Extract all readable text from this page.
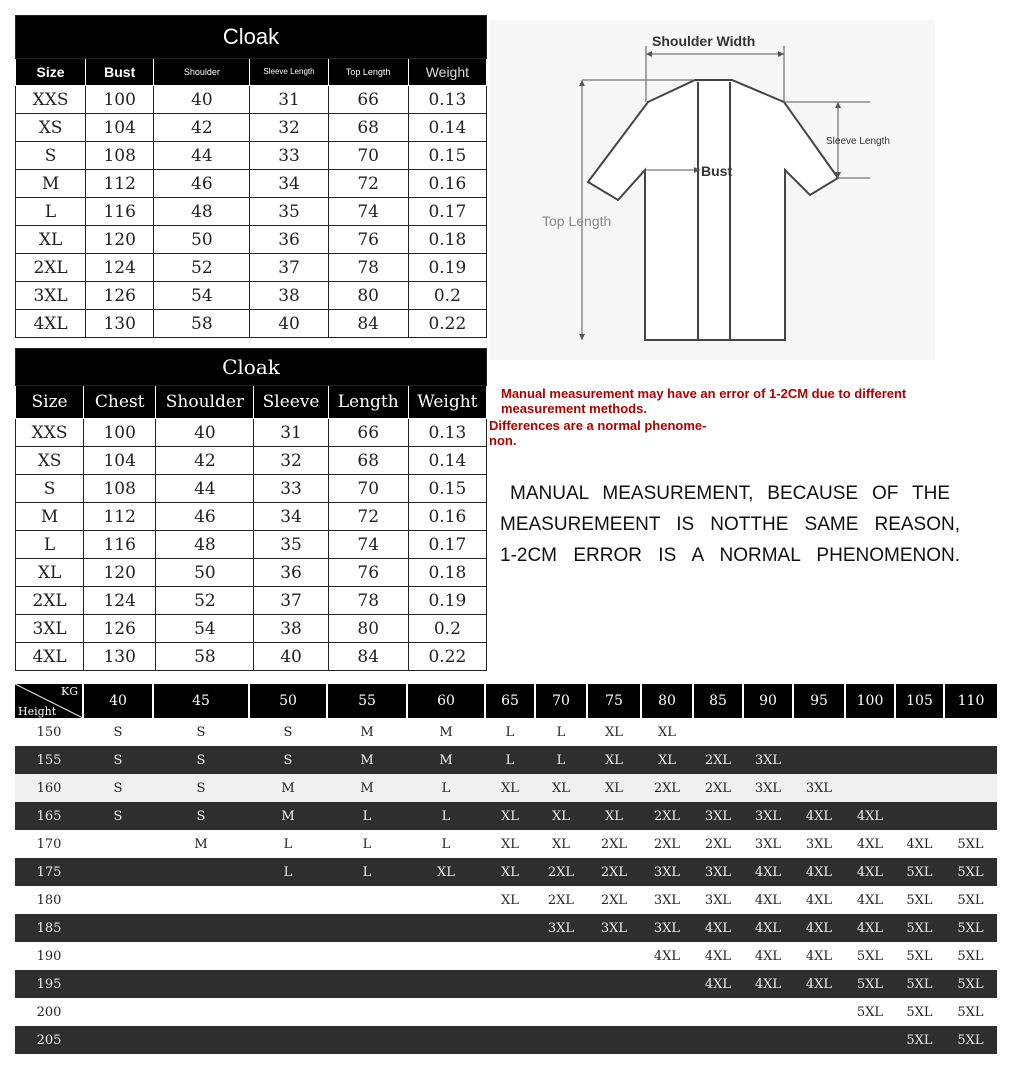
Cloak					
Size	Bust	Shoulder	Sleeve Length	Top Length	Weight
XXS	100	40	31	66	0.13
XS	104	42	32	68	0.14
S	108	44	33	70	0.15
M	112	46	34	72	0.16
L	116	48	35	74	0.17
XL	120	50	36	76	0.18
2XL	124	52	37	78	0.19
3XL	126	54	38	80	0.2
4XL	130	58	40	84	0.22
Shoulder Width
Sleeve Length
Bust
Top Length
Cloak					
Size	Chest	Shoulder	Sleeve	Length	Weight
XXS	100	40	31	66	0.13
XS	104	42	32	68	0.14
S	108	44	33	70	0.15
M	112	46	34	72	0.16
L	116	48	35	74	0.17
XL	120	50	36	76	0.18
2XL	124	52	37	78	0.19
3XL	126	54	38	80	0.2
4XL	130	58	40	84	0.22
Manual measurement may have an error of 1-2CM due to different
measurement methods.
Differences are a normal phenome-
non.
MANUAL MEASUREMENT, BECAUSE OF THE
MEASUREMEENT IS NOTTHE SAME REASON,
1-2CM ERROR IS A NORMAL PHENOMENON.
KG
Height	40	45	50	55	60	65	70	75	80	85	90	95	100	105	110
150	S	S	S	M	M	L	L	XL	XL						
155	S	S	S	M	M	L	L	XL	XL	2XL	3XL				
160	S	S	M	M	L	XL	XL	XL	2XL	2XL	3XL	3XL			
165	S	S	M	L	L	XL	XL	XL	2XL	3XL	3XL	4XL	4XL		
170		M	L	L	L	XL	XL	2XL	2XL	2XL	3XL	3XL	4XL	4XL	5XL
175			L	L	XL	XL	2XL	2XL	3XL	3XL	4XL	4XL	4XL	5XL	5XL
180						XL	2XL	2XL	3XL	3XL	4XL	4XL	4XL	5XL	5XL
185							3XL	3XL	3XL	4XL	4XL	4XL	4XL	5XL	5XL
190									4XL	4XL	4XL	4XL	5XL	5XL	5XL
195										4XL	4XL	4XL	5XL	5XL	5XL
200													5XL	5XL	5XL
205														5XL	5XL
